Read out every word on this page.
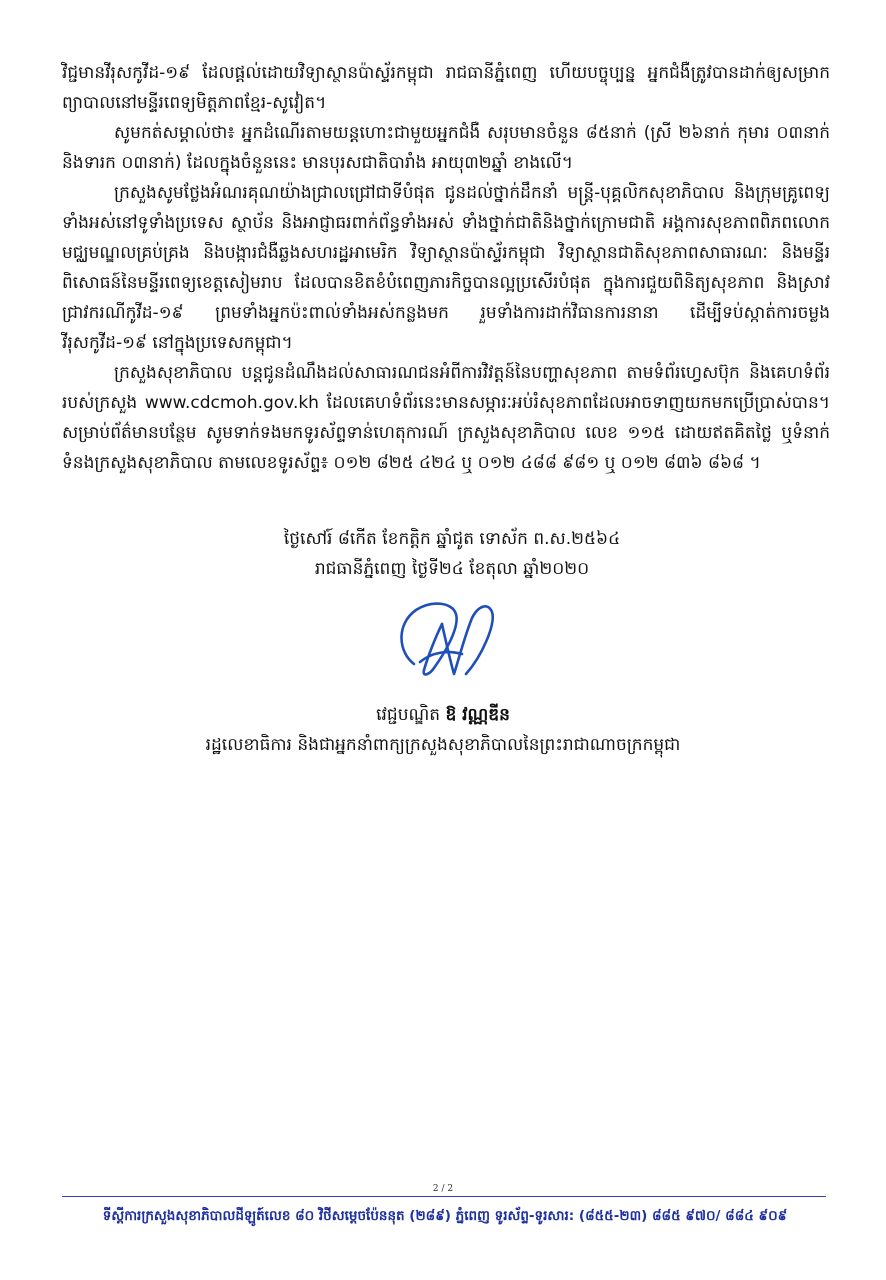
វិជ្ជមានវីរុសកូវីដ-១៩ ដែលផ្តល់ដោយវិទ្យាស្ថានប៉ាស្ទ័រកម្ពុជា រាជធានីភ្នំពេញ ហើយបច្ចុប្បន្ន អ្នកជំងឺត្រូវបានដាក់ឲ្យសម្រាកព្យាបាលនៅមន្ទីរពេទ្យមិត្តភាពខ្មែរ-សូវៀត។

សូមកត់សម្គាល់ថា៖ អ្នកដំណើរតាមយន្តហោះជាមួយអ្នកជំងឺ សរុបមានចំនួន ៨៥នាក់ (ស្រី ២៦នាក់ កុមារ ០៣នាក់ និងទារក ០៣នាក់) ដែលក្នុងចំនួននេះ មានបុរសជាតិបារាំង អាយុ៣២ឆ្នាំ ខាងលើ។

ក្រសួងសូមថ្លែងអំណរគុណយ៉ាងជ្រាលជ្រៅជាទីបំផុត ជូនដល់ថ្នាក់ដឹកនាំ មន្ត្រី-បុគ្គលិកសុខាភិបាល និងក្រុមគ្រូពេទ្យទាំងអស់នៅទូទាំងប្រទេស ស្ថាប័ន និងអាជ្ញាធរពាក់ព័ន្ធទាំងអស់ ទាំងថ្នាក់ជាតិនិងថ្នាក់ក្រោមជាតិ អង្គការសុខភាពពិភពលោក មជ្ឈមណ្ឌលគ្រប់គ្រង និងបង្ការជំងឺឆ្លងសហរដ្ឋអាមេរិក វិទ្យាស្ថានប៉ាស្ទ័រកម្ពុជា វិទ្យាស្ថានជាតិសុខភាពសាធារណៈ និងមន្ទីរពិសោធន៍នៃមន្ទីរពេទ្យខេត្តសៀមរាប ដែលបានខិតខំបំពេញភារកិច្ចបានល្អប្រសើរបំផុត ក្នុងការជួយពិនិត្យសុខភាព និងស្រាវជ្រាវករណីកូវីដ-១៩ ព្រមទាំងអ្នកប៉ះពាល់ទាំងអស់កន្លងមក រួមទាំងការដាក់វិធានការនានា ដើម្បីទប់ស្កាត់ការចម្លងវីរុសកូវីដ-១៩ នៅក្នុងប្រទេសកម្ពុជា។

ក្រសួងសុខាភិបាល បន្តជូនដំណឹងដល់សាធារណជនអំពីការវិវត្តន៍នៃបញ្ហាសុខភាព តាមទំព័រហ្វេសប៊ុក និងគេហទំព័ររបស់ក្រសួង www.cdcmoh.gov.kh ដែលគេហទំព័រនេះមានសម្ភារៈអប់រំសុខភាពដែលអាចទាញយកមកប្រើប្រាស់បាន។ សម្រាប់ព័ត៌មានបន្ថែម សូមទាក់ទងមកទូរស័ព្ទទាន់ហេតុការណ៍ ក្រសួងសុខាភិបាល លេខ ១១៥ ដោយឥតគិតថ្លៃ ឬទំនាក់ទំនងក្រសួងសុខាភិបាល តាមលេខទូរស័ព្ទ៖ ០១២ ៨២៥ ៤២៤ ឬ ០១២ ៤៨៨ ៩៨១ ឬ ០១២ ៨៣៦ ៨៦៨ ។

ថ្ងៃសៅរ៍ ៨កើត ខែកត្តិក ឆ្នាំជូត ទោស័ក ព.ស.២៥៦៤
រាជធានីភ្នំពេញ ថ្ងៃទី២៤ ខែតុលា ឆ្នាំ២០២០
វេជ្ជបណ្ឌិត ឱ វណ្ណឌីន
រដ្ឋលេខាធិការ និងជាអ្នកនាំពាក្យក្រសួងសុខាភិបាលនៃព្រះរាជាណាចក្រកម្ពុជា
2 / 2
ទីស្តីការក្រសួងសុខាភិបាលដីឡូត៍លេខ ៨០ វិថីសម្តេចប៉ែននុត (២៨៩) ភ្នំពេញ ទូរស័ព្ទ-ទូរសារ: (៨៥៥-២៣) ៨៨៥ ៩៧០/ ៨៨៤ ៩០៩
